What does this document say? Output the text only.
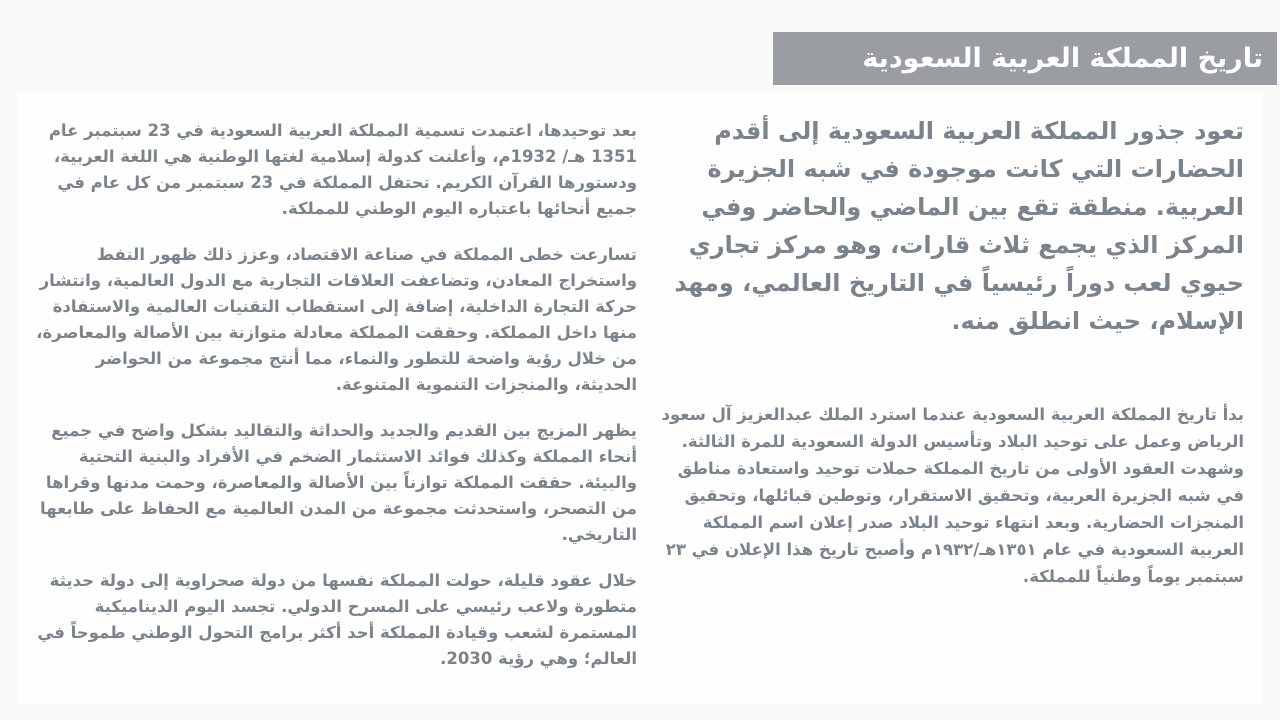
تاريخ المملكة العربية السعودية
تعود جذور المملكة العربية السعودية إلى أقدم الحضارات التي كانت موجودة في شبه الجزيرة العربية. منطقة تقع بين الماضي والحاضر وفي المركز الذي يجمع ثلاث قارات، وهو مركز تجاري حيوي لعب دوراً رئيسياً في التاريخ العالمي، ومهد الإسلام، حيث انطلق منه.
بدأ تاريخ المملكة العربية السعودية عندما استرد الملك عبدالعزيز آل سعود الرياض وعمل على توحيد البلاد وتأسيس الدولة السعودية للمرة الثالثة. وشهدت العقود الأولى من تاريخ المملكة حملات توحيد واستعادة مناطق في شبه الجزيرة العربية، وتحقيق الاستقرار، وتوطين قبائلها، وتحقيق المنجزات الحضارية. وبعد انتهاء توحيد البلاد صدر إعلان اسم المملكة العربية السعودية في عام ١٣٥١هـ/١٩٣٢م وأصبح تاريخ هذا الإعلان في ٢٣ سبتمبر يوماً وطنياً للمملكة.

بعد توحيدها، اعتمدت تسمية المملكة العربية السعودية في 23 سبتمبر عام 1351 هـ/ 1932م، وأعلنت كدولة إسلامية لغتها الوطنية هي اللغة العربية، ودستورها القرآن الكريم. تحتفل المملكة في 23 سبتمبر من كل عام في جميع أنحائها باعتباره اليوم الوطني للمملكة.

تسارعت خطى المملكة في صناعة الاقتصاد، وعزز ذلك ظهور النفط واستخراج المعادن، وتضاعفت العلاقات التجارية مع الدول العالمية، وانتشار حركة التجارة الداخلية، إضافة إلى استقطاب التقنيات العالمية والاستفادة منها داخل المملكة. وحققت المملكة معادلة متوازنة بين الأصالة والمعاصرة، من خلال رؤية واضحة للتطور والنماء، مما أنتج مجموعة من الحواضر الحديثة، والمنجزات التنموية المتنوعة.

يظهر المزيج بين القديم والجديد والحداثة والتقاليد بشكل واضح في جميع أنحاء المملكة وكذلك فوائد الاستثمار الضخم في الأفراد والبنية التحتية والبيئة. حققت المملكة توازناً بين الأصالة والمعاصرة، وحمت مدنها وقراها من التصحر، واستحدثت مجموعة من المدن العالمية مع الحفاظ على طابعها التاريخي.

خلال عقود قليلة، حولت المملكة نفسها من دولة صحراوية إلى دولة حديثة متطورة ولاعب رئيسي على المسرح الدولي. تجسد اليوم الديناميكية المستمرة لشعب وقيادة المملكة أحد أكثر برامج التحول الوطني طموحاً في العالم؛ وهي رؤية 2030.
